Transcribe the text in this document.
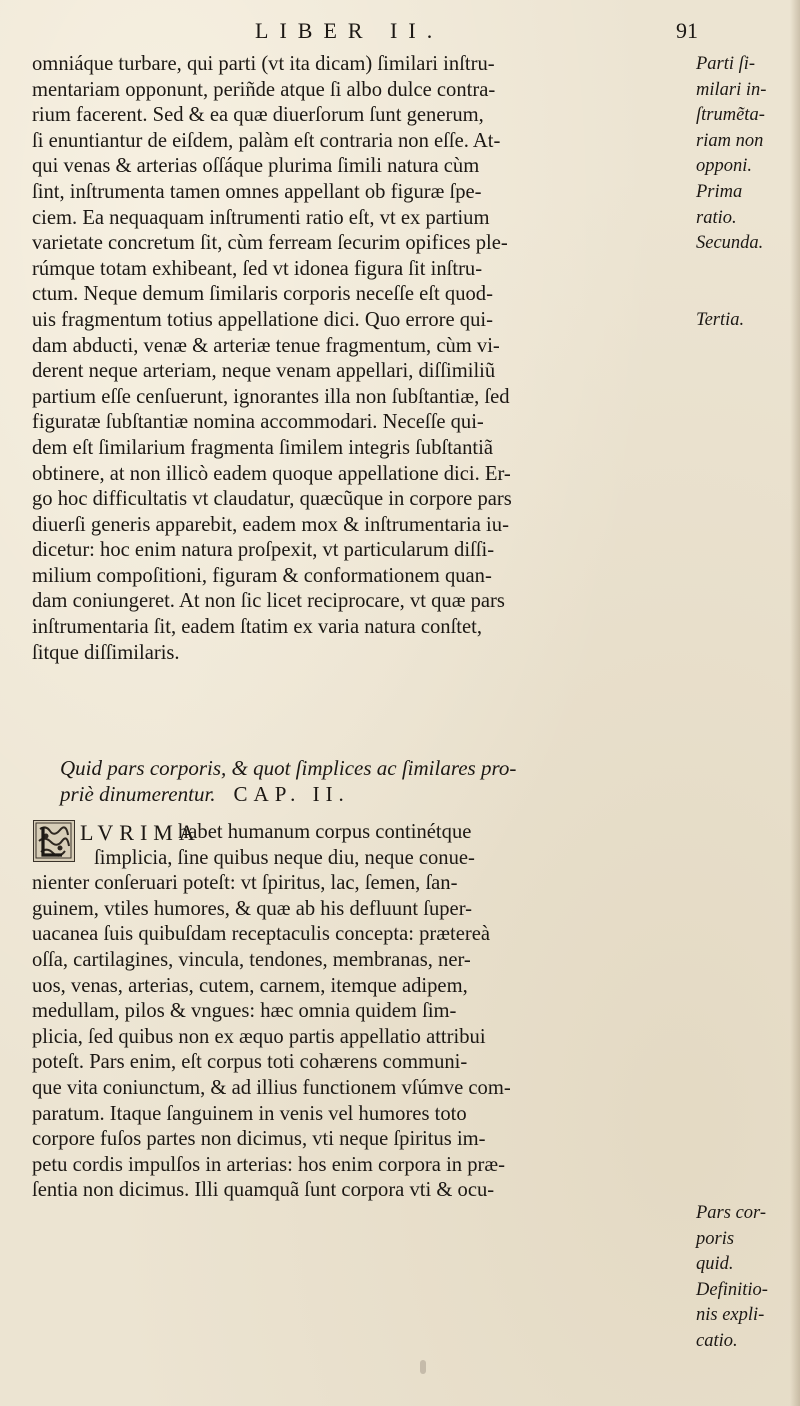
LIBER II.	91
omniáque turbare, qui parti (vt ita dicam) ſimilari inſtru-
mentariam opponunt, periñde atque ſi albo dulce contra-
rium facerent. Sed & ea quæ diuerſorum ſunt generum,
ſi enuntiantur de eiſdem, palàm eſt contraria non eſſe. At-
qui venas & arterias oſſáque plurima ſimili natura cùm
ſint, inſtrumenta tamen omnes appellant ob figuræ ſpe-
ciem. Ea nequaquam inſtrumenti ratio eſt, vt ex partium
varietate concretum ſit, cùm ferream ſecurim opifices ple-
rúmque totam exhibeant, ſed vt idonea figura ſit inſtru-
ctum. Neque demum ſimilaris corporis neceſſe eſt quod-
uis fragmentum totius appellatione dici. Quo errore qui-
dam abducti, venæ & arteriæ tenue fragmentum, cùm vi-
derent neque arteriam, neque venam appellari, diſſimiliũ
partium eſſe cenſuerunt, ignorantes illa non ſubſtantiæ, ſed
figuratæ ſubſtantiæ nomina accommodari. Neceſſe qui-
dem eſt ſimilarium fragmenta ſimilem integris ſubſtantiã
obtinere, at non illicò eadem quoque appellatione dici. Er-
go hoc difficultatis vt claudatur, quæcũque in corpore pars
diuerſi generis apparebit, eadem mox & inſtrumentaria iu-
dicetur: hoc enim natura proſpexit, vt particularum diſſi-
milium compoſitioni, figuram & conformationem quan-
dam coniungeret. At non ſic licet reciprocare, vt quæ pars
inſtrumentaria ſit, eadem ſtatim ex varia natura conſtet,
ſitque diſſimilaris.
Parti ſi-
milari in-
ſtrumẽta-
riam non
opponi.
Prima
ratio.
Secunda.
Tertia.
Quid pars corporis, & quot ſimplices ac ſimilares pro-
priè dinumerentur. CAP. II.
LVRIMA
habet humanum corpus continétque
ſimplicia, ſine quibus neque diu, neque conue-
nienter conſeruari poteſt: vt ſpiritus, lac, ſemen, ſan-
guinem, vtiles humores, & quæ ab his defluunt ſuper-
uacanea ſuis quibuſdam receptaculis concepta: prætereà
oſſa, cartilagines, vincula, tendones, membranas, ner-
uos, venas, arterias, cutem, carnem, itemque adipem,
medullam, pilos & vngues: hæc omnia quidem ſim-
plicia, ſed quibus non ex æquo partis appellatio attribui
poteſt. Pars enim, eſt corpus toti cohærens communi-
que vita coniunctum, & ad illius functionem vſúmve com-
paratum. Itaque ſanguinem in venis vel humores toto
corpore fuſos partes non dicimus, vti neque ſpiritus im-
petu cordis impulſos in arterias: hos enim corpora in præ-
ſentia non dicimus. Illi quamquã ſunt corpora vti & ocu-
Pars cor-
poris
quid.
Definitio-
nis expli-
catio.
